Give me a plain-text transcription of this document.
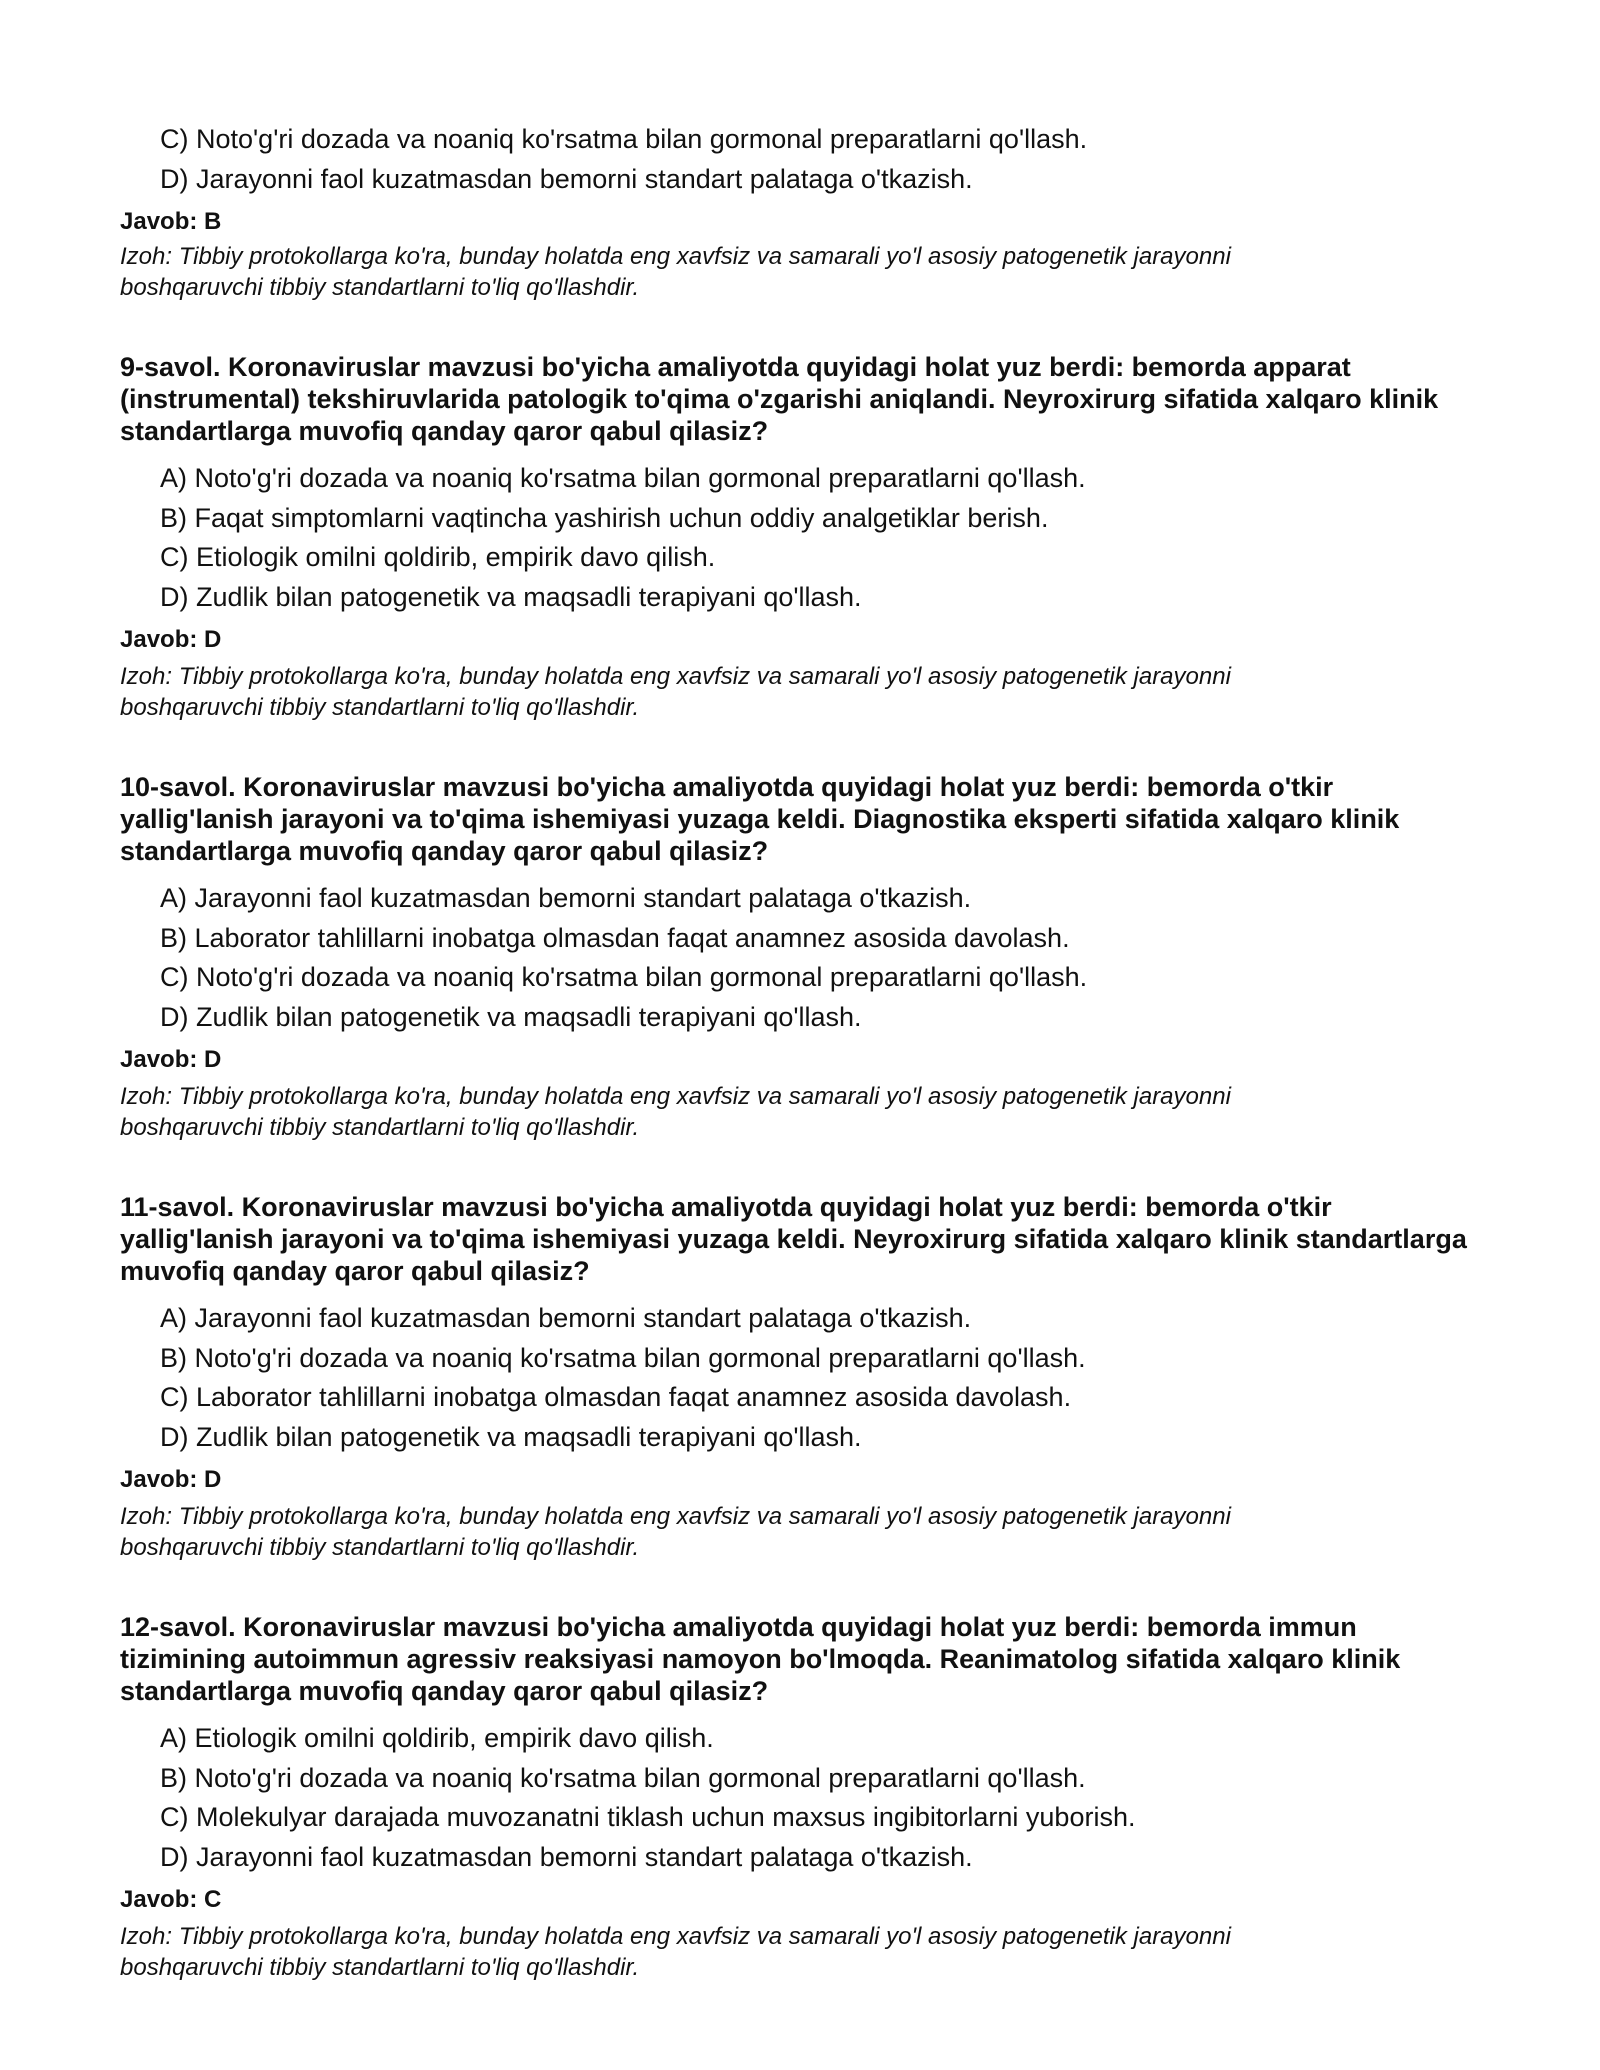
C) Noto'g'ri dozada va noaniq ko'rsatma bilan gormonal preparatlarni qo'llash.
D) Jarayonni faol kuzatmasdan bemorni standart palataga o'tkazish.
Javob: B
Izoh: Tibbiy protokollarga ko'ra, bunday holatda eng xavfsiz va samarali yo'l asosiy patogenetik jarayonni boshqaruvchi tibbiy standartlarni to'liq qo'llashdir.

9-savol. Koronaviruslar mavzusi bo'yicha amaliyotda quyidagi holat yuz berdi: bemorda apparat (instrumental) tekshiruvlarida patologik to'qima o'zgarishi aniqlandi. Neyroxirurg sifatida xalqaro klinik standartlarga muvofiq qanday qaror qabul qilasiz?

A) Noto'g'ri dozada va noaniq ko'rsatma bilan gormonal preparatlarni qo'llash.
B) Faqat simptomlarni vaqtincha yashirish uchun oddiy analgetiklar berish.
C) Etiologik omilni qoldirib, empirik davo qilish.
D) Zudlik bilan patogenetik va maqsadli terapiyani qo'llash.
Javob: D
Izoh: Tibbiy protokollarga ko'ra, bunday holatda eng xavfsiz va samarali yo'l asosiy patogenetik jarayonni boshqaruvchi tibbiy standartlarni to'liq qo'llashdir.

10-savol. Koronaviruslar mavzusi bo'yicha amaliyotda quyidagi holat yuz berdi: bemorda o'tkir yallig'lanish jarayoni va to'qima ishemiyasi yuzaga keldi. Diagnostika eksperti sifatida xalqaro klinik standartlarga muvofiq qanday qaror qabul qilasiz?

A) Jarayonni faol kuzatmasdan bemorni standart palataga o'tkazish.
B) Laborator tahlillarni inobatga olmasdan faqat anamnez asosida davolash.
C) Noto'g'ri dozada va noaniq ko'rsatma bilan gormonal preparatlarni qo'llash.
D) Zudlik bilan patogenetik va maqsadli terapiyani qo'llash.
Javob: D
Izoh: Tibbiy protokollarga ko'ra, bunday holatda eng xavfsiz va samarali yo'l asosiy patogenetik jarayonni boshqaruvchi tibbiy standartlarni to'liq qo'llashdir.

11-savol. Koronaviruslar mavzusi bo'yicha amaliyotda quyidagi holat yuz berdi: bemorda o'tkir yallig'lanish jarayoni va to'qima ishemiyasi yuzaga keldi. Neyroxirurg sifatida xalqaro klinik standartlarga muvofiq qanday qaror qabul qilasiz?

A) Jarayonni faol kuzatmasdan bemorni standart palataga o'tkazish.
B) Noto'g'ri dozada va noaniq ko'rsatma bilan gormonal preparatlarni qo'llash.
C) Laborator tahlillarni inobatga olmasdan faqat anamnez asosida davolash.
D) Zudlik bilan patogenetik va maqsadli terapiyani qo'llash.
Javob: D
Izoh: Tibbiy protokollarga ko'ra, bunday holatda eng xavfsiz va samarali yo'l asosiy patogenetik jarayonni boshqaruvchi tibbiy standartlarni to'liq qo'llashdir.

12-savol. Koronaviruslar mavzusi bo'yicha amaliyotda quyidagi holat yuz berdi: bemorda immun tizimining autoimmun agressiv reaksiyasi namoyon bo'lmoqda. Reanimatolog sifatida xalqaro klinik standartlarga muvofiq qanday qaror qabul qilasiz?

A) Etiologik omilni qoldirib, empirik davo qilish.
B) Noto'g'ri dozada va noaniq ko'rsatma bilan gormonal preparatlarni qo'llash.
C) Molekulyar darajada muvozanatni tiklash uchun maxsus ingibitorlarni yuborish.
D) Jarayonni faol kuzatmasdan bemorni standart palataga o'tkazish.
Javob: C
Izoh: Tibbiy protokollarga ko'ra, bunday holatda eng xavfsiz va samarali yo'l asosiy patogenetik jarayonni boshqaruvchi tibbiy standartlarni to'liq qo'llashdir.
